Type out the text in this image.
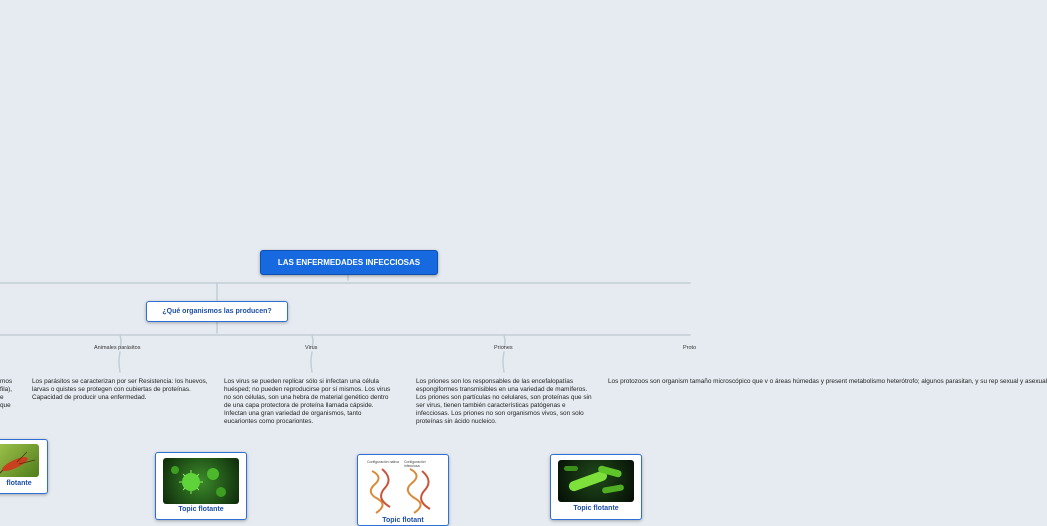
LAS ENFERMEDADES INFECCIOSAS
¿Qué organismos las producen?
Animales parásitos	Virus	Priones	Proto
mos
fila),
e
que
Los parásitos se caracterizan por ser Resistencia: los huevos, larvas o quistes se protegen con cubiertas de proteínas. Capacidad de producir una enfermedad.
Los virus se pueden replicar sólo si infectan una célula huésped; no pueden reproducirse por sí mismos. Los virus no son células, son una hebra de material genético dentro de una capa protectora de proteína llamada cápside. Infectan una gran variedad de organismos, tanto eucariontes como procariontes.
Los priones son los responsables de las encefalopatías espongiformes transmisibles en una variedad de mamíferos. Los priones son partículas no celulares, son proteínas que sin ser virus, tienen también características patógenas e infecciosas. Los priones no son organismos vivos, son solo proteínas sin ácido nucleico.
Los protozoos son organism tamaño microscópico que v o áreas húmedas y present metabolismo heterótrofo; algunos parasitan, y su rep sexual y asexual
flotante
Topic flotante
Configuración nativa Configuración infecciosa
Topic flotant
Topic flotante
